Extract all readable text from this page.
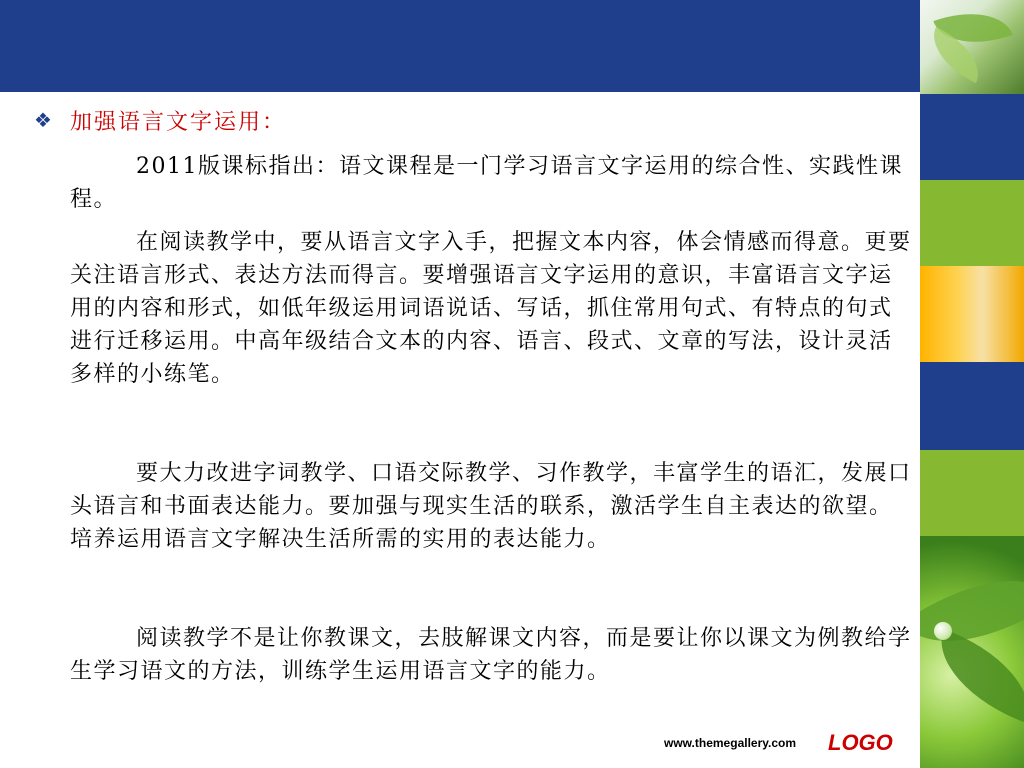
❖ 加强语言文字运用：
2011版课标指出：语文课程是一门学习语言文字运用的综合性、实践性课程。
在阅读教学中，要从语言文字入手，把握文本内容，体会情感而得意。更要关注语言形式、表达方法而得言。要增强语言文字运用的意识，丰富语言文字运用的内容和形式，如低年级运用词语说话、写话，抓住常用句式、有特点的句式进行迁移运用。中高年级结合文本的内容、语言、段式、文章的写法，设计灵活多样的小练笔。
要大力改进字词教学、口语交际教学、习作教学，丰富学生的语汇，发展口头语言和书面表达能力。要加强与现实生活的联系，激活学生自主表达的欲望。培养运用语言文字解决生活所需的实用的表达能力。
阅读教学不是让你教课文，去肢解课文内容，而是要让你以课文为例教给学生学习语文的方法，训练学生运用语言文字的能力。
www.themegallery.com LOGO
